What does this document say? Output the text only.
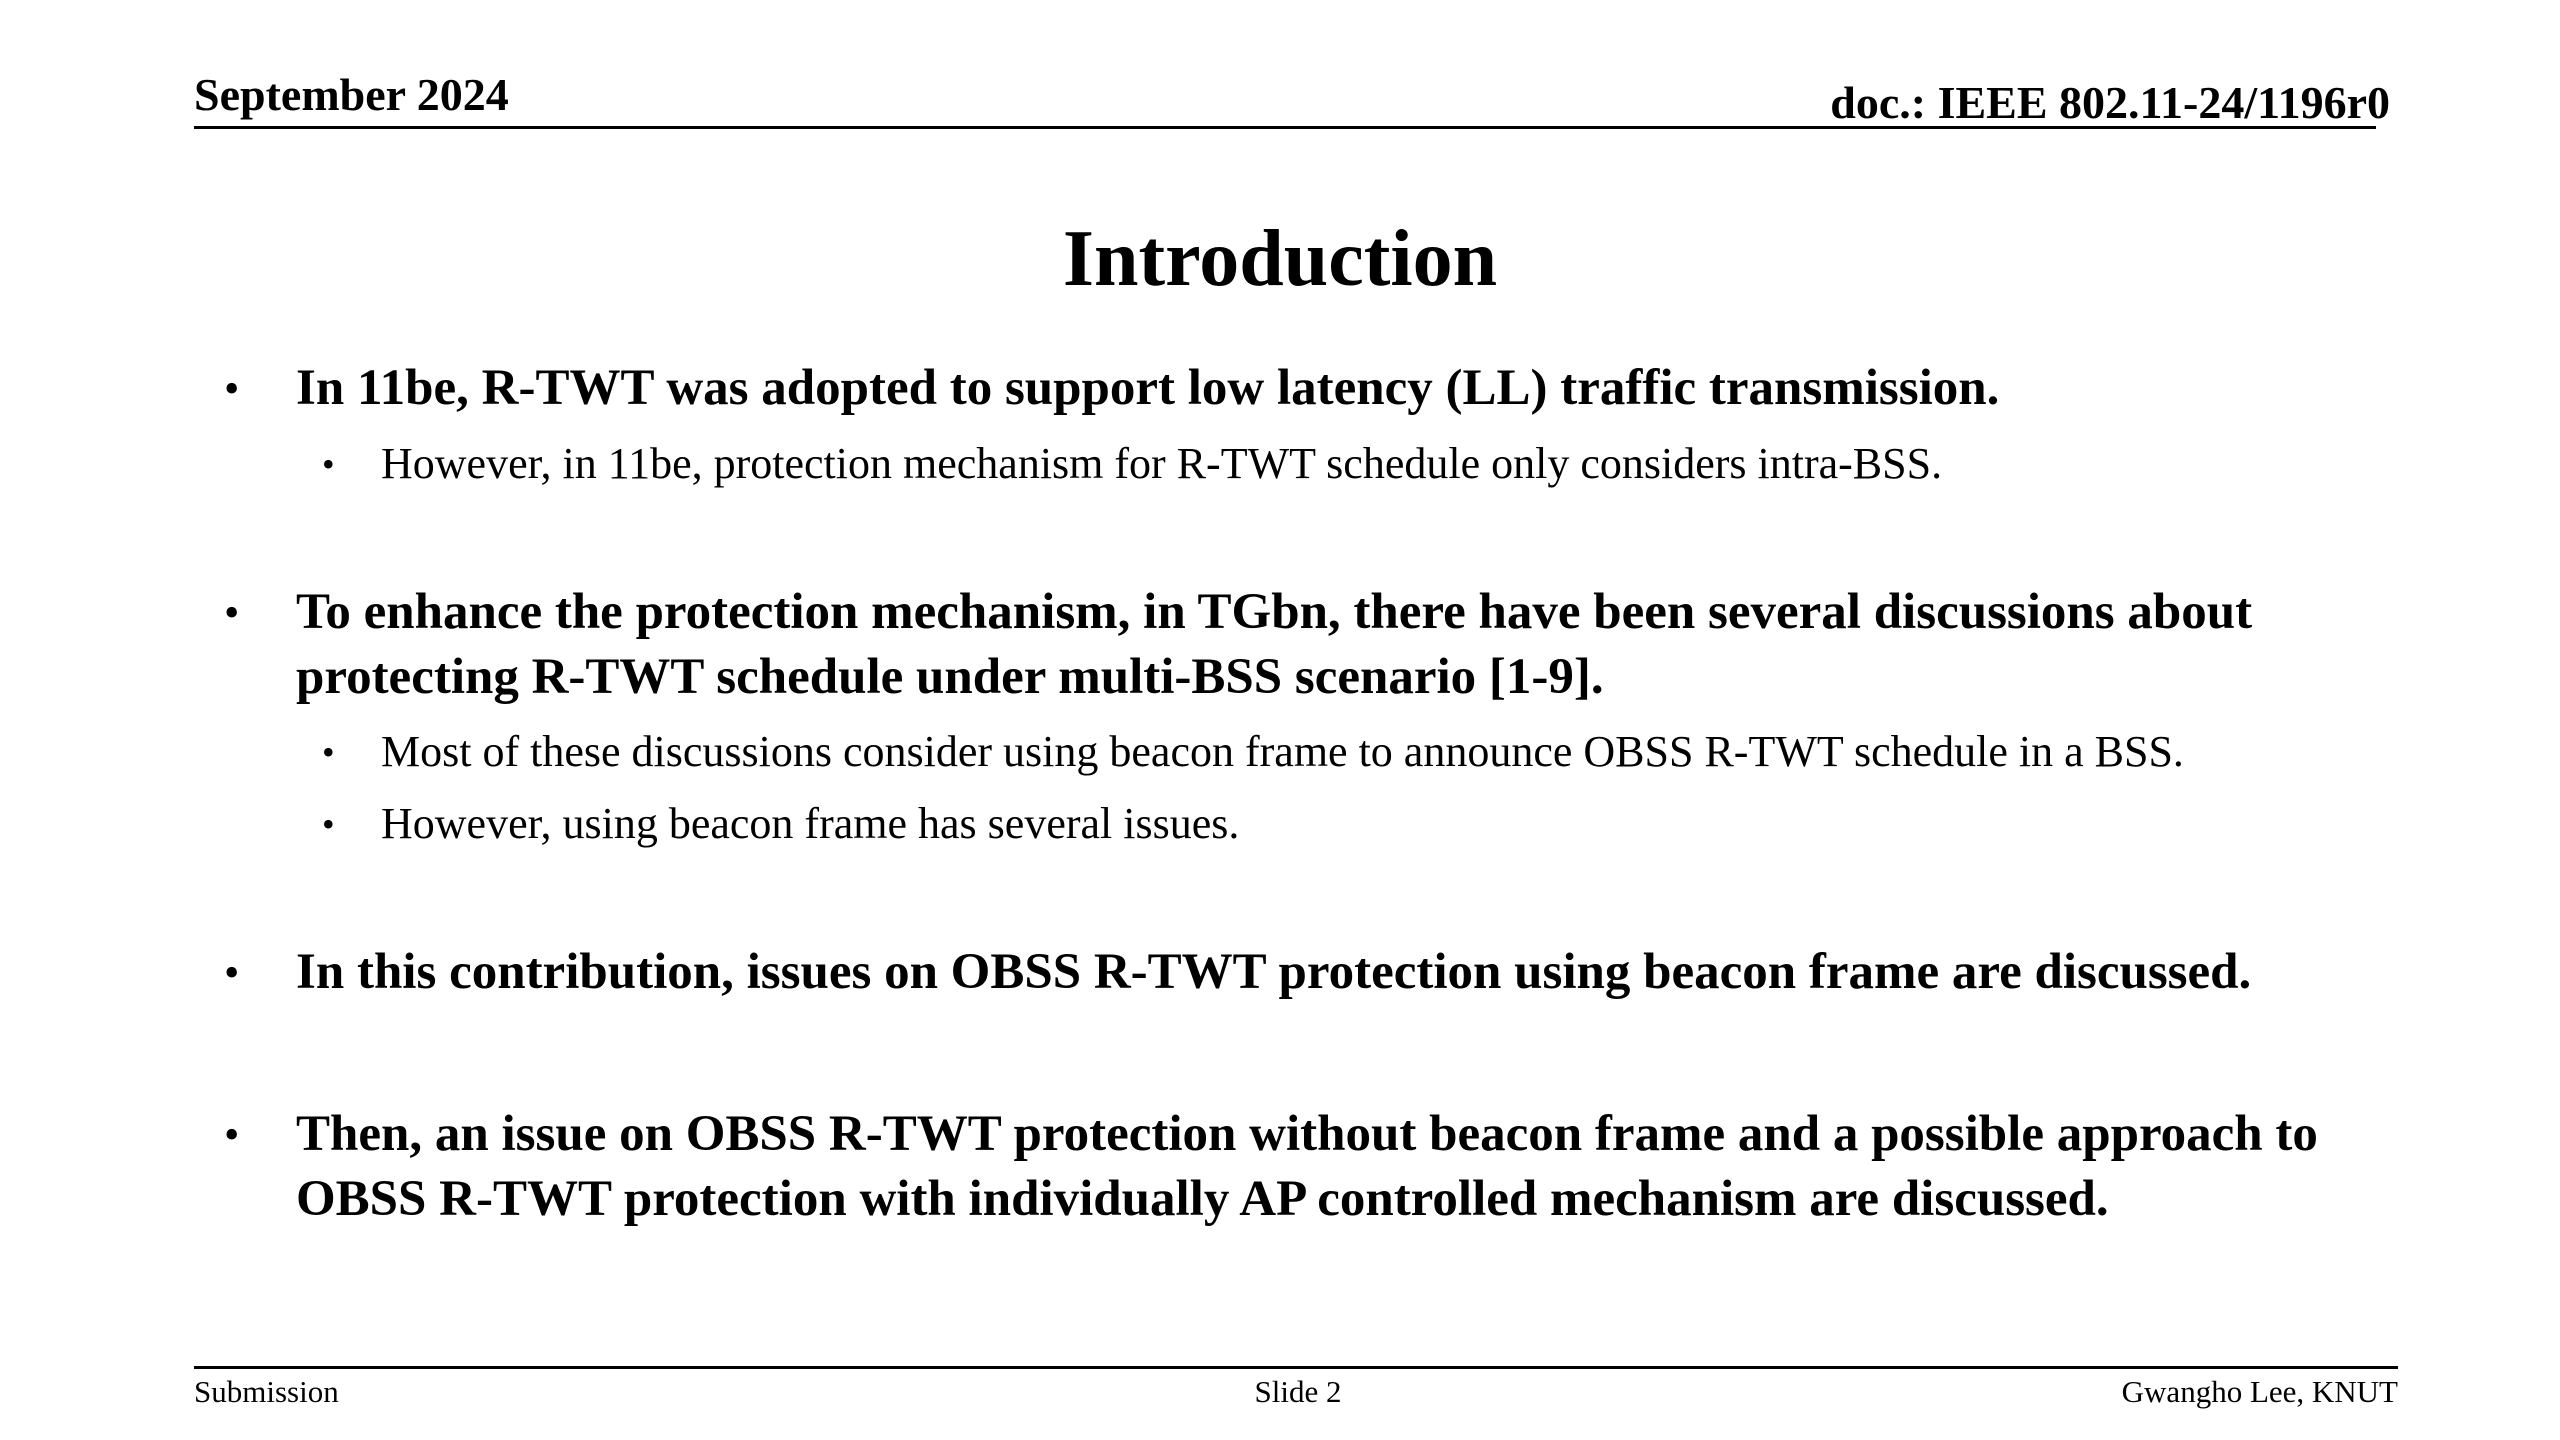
September 2024	doc.: IEEE 802.11-24/1196r0
Introduction
• In 11be, R-TWT was adopted to support low latency (LL) traffic transmission.

• However, in 11be, protection mechanism for R-TWT schedule only considers intra-BSS.

• To enhance the protection mechanism, in TGbn, there have been several discussions about protecting R-TWT schedule under multi-BSS scenario [1-9].

• Most of these discussions consider using beacon frame to announce OBSS R-TWT schedule in a BSS.

• However, using beacon frame has several issues.

• In this contribution, issues on OBSS R-TWT protection using beacon frame are discussed.

• Then, an issue on OBSS R-TWT protection without beacon frame and a possible approach to OBSS R-TWT protection with individually AP controlled mechanism are discussed.

Submission	Slide 2	Gwangho Lee, KNUT
